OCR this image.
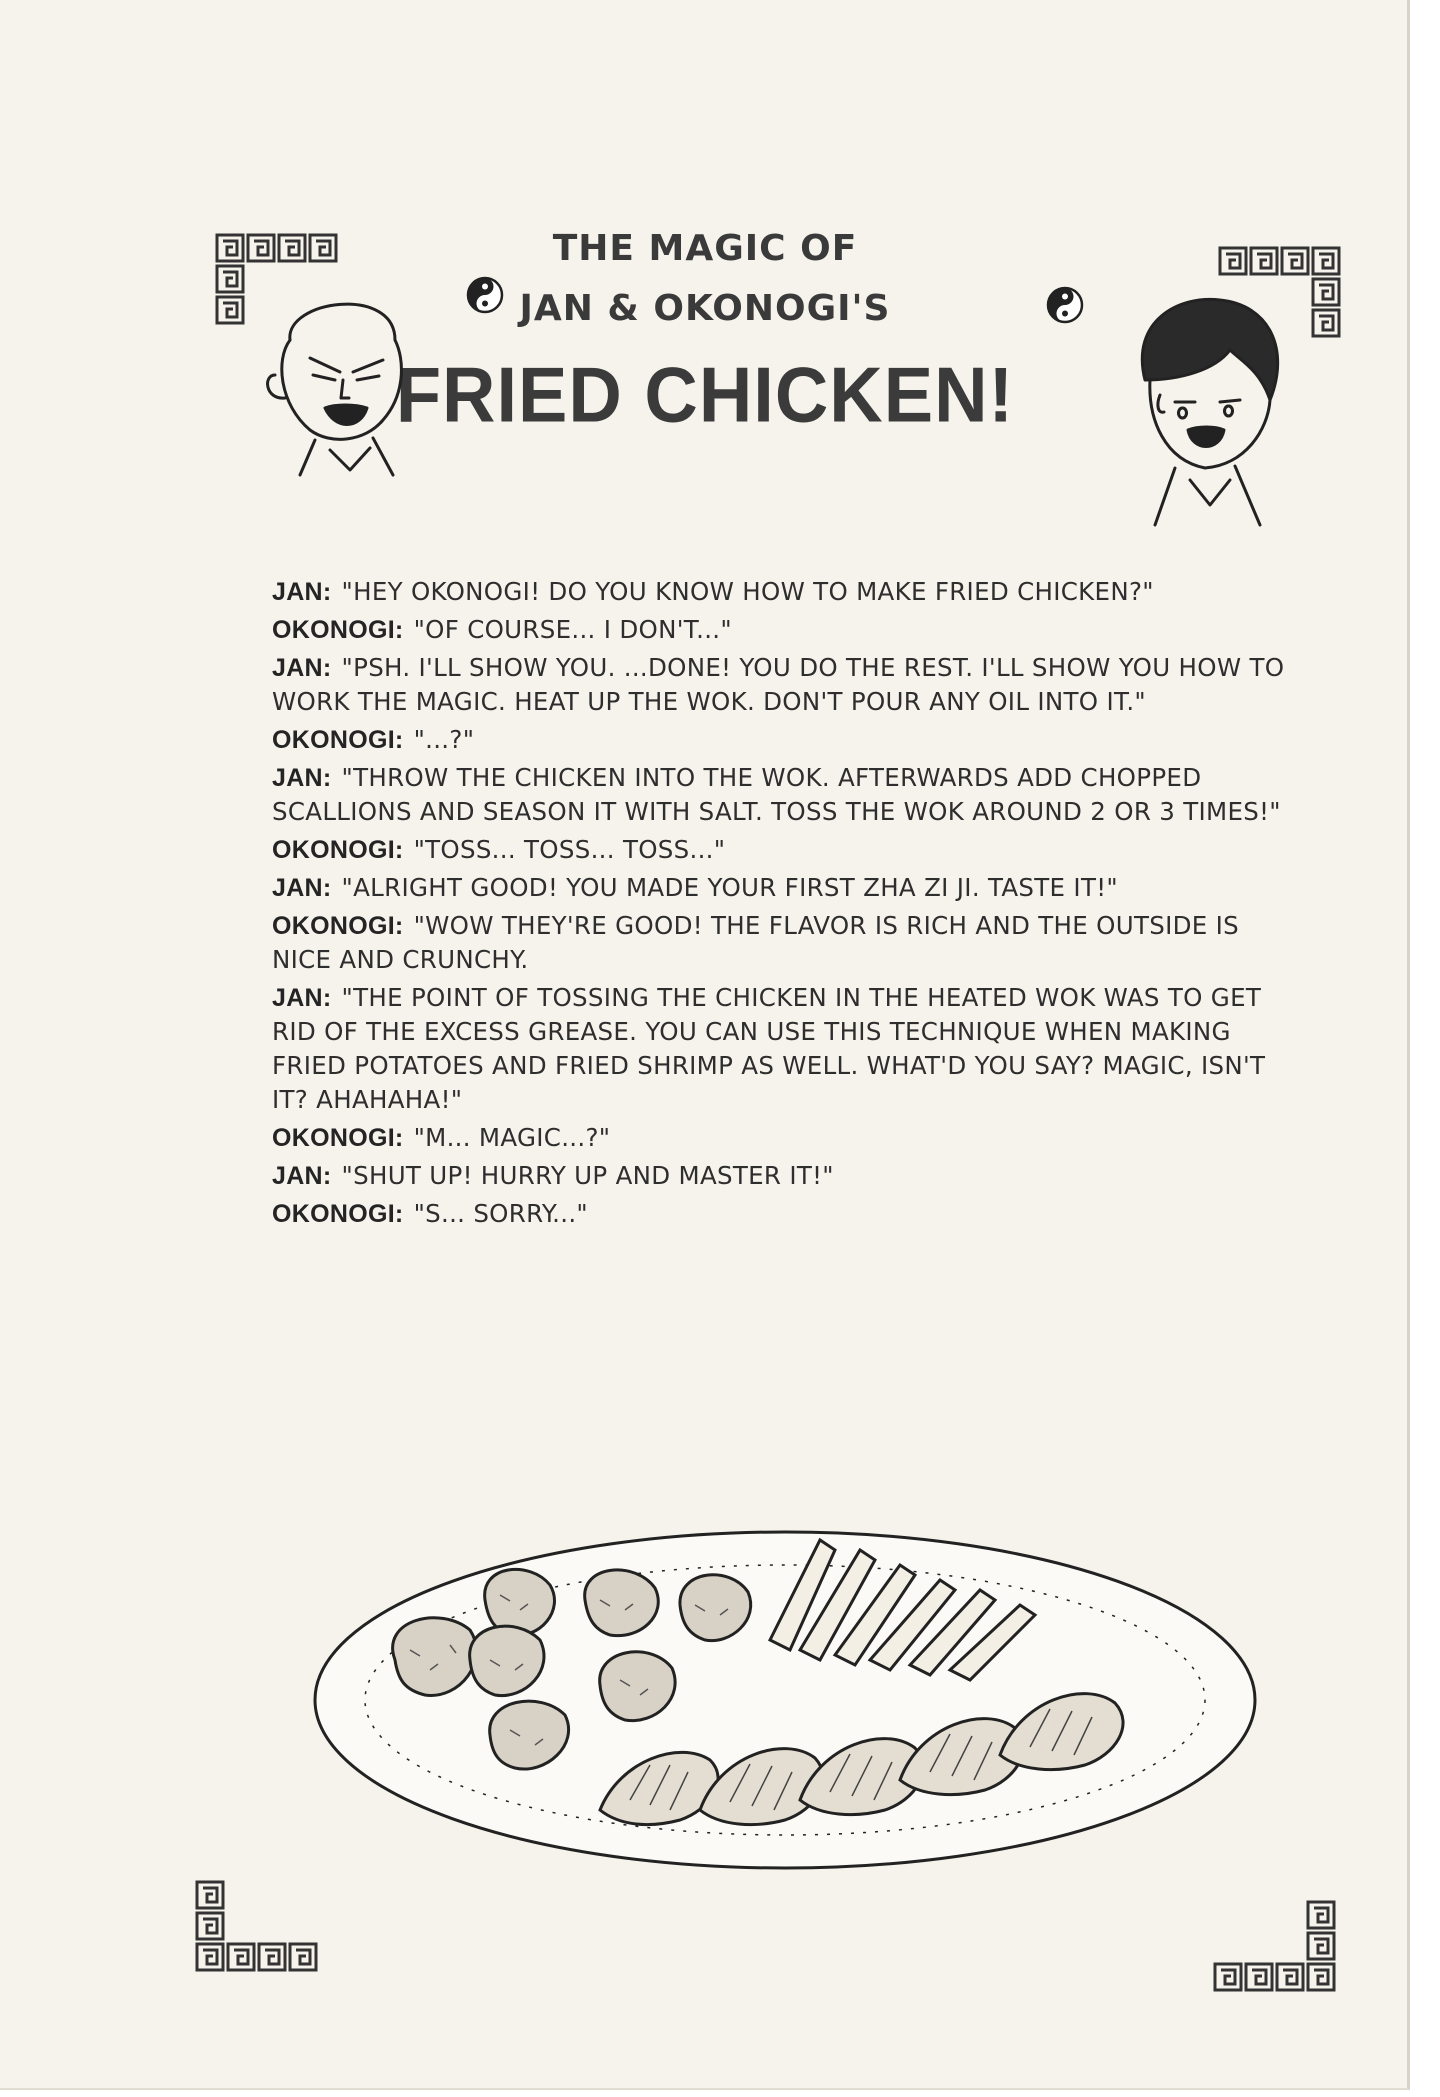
THE MAGIC OF
JAN & OKONOGI'S
FRIED CHICKEN!
JAN: "HEY OKONOGI! DO YOU KNOW HOW TO MAKE FRIED CHICKEN?"
OKONOGI: "OF COURSE... I DON'T..."
JAN: "PSH. I'LL SHOW YOU. ...DONE! YOU DO THE REST. I'LL SHOW YOU HOW TO WORK THE MAGIC. HEAT UP THE WOK. DON'T POUR ANY OIL INTO IT."
OKONOGI: "...?"
JAN: "THROW THE CHICKEN INTO THE WOK. AFTERWARDS ADD CHOPPED SCALLIONS AND SEASON IT WITH SALT. TOSS THE WOK AROUND 2 OR 3 TIMES!"
OKONOGI: "TOSS... TOSS... TOSS..."
JAN: "ALRIGHT GOOD! YOU MADE YOUR FIRST ZHA ZI JI. TASTE IT!"
OKONOGI: "WOW THEY'RE GOOD! THE FLAVOR IS RICH AND THE OUTSIDE IS NICE AND CRUNCHY.
JAN: "THE POINT OF TOSSING THE CHICKEN IN THE HEATED WOK WAS TO GET RID OF THE EXCESS GREASE. YOU CAN USE THIS TECHNIQUE WHEN MAKING FRIED POTATOES AND FRIED SHRIMP AS WELL. WHAT'D YOU SAY? MAGIC, ISN'T IT? AHAHAHA!"
OKONOGI: "M... MAGIC...?"
JAN: "SHUT UP! HURRY UP AND MASTER IT!"
OKONOGI: "S... SORRY..."
